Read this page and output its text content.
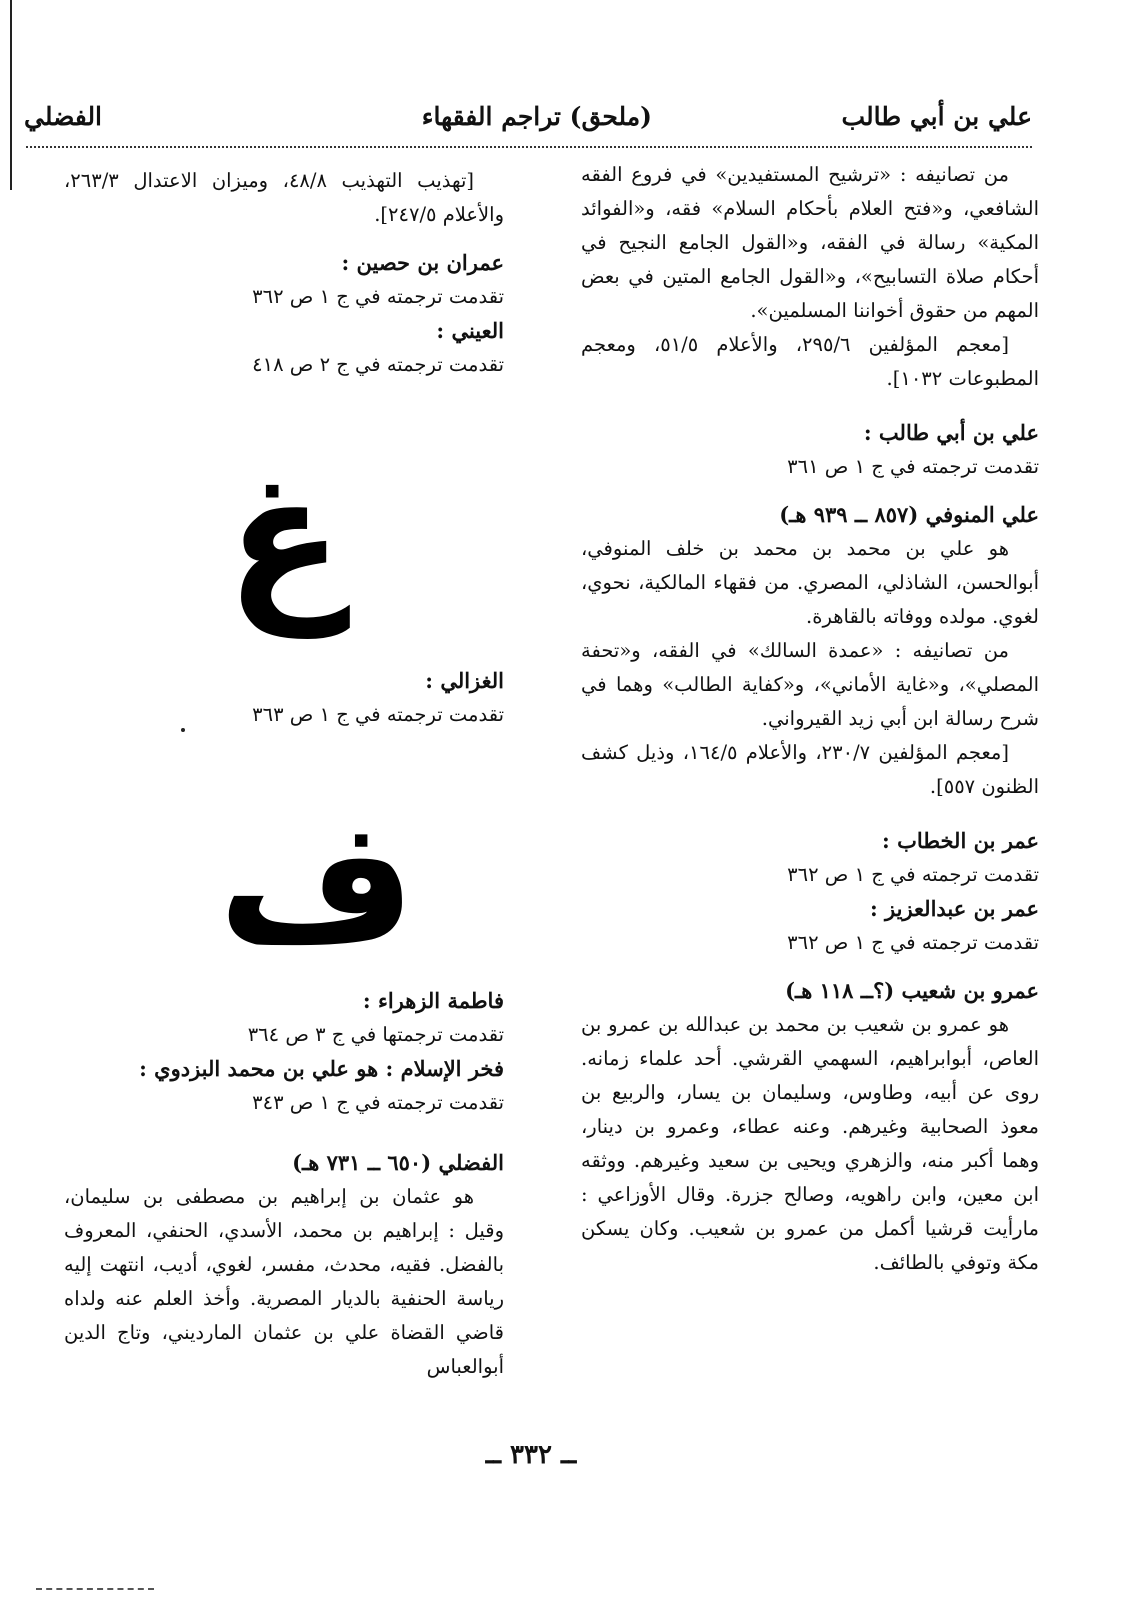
علي بن أبي طالب
(ملحق) تراجم الفقهاء
الفضلي

من تصانيفه : «ترشيح المستفيدين» في فروع الفقه الشافعي، و«فتح العلام بأحكام السلام» فقه، و«الفوائد المكية» رسالة في الفقه، و«القول الجامع النجيح في أحكام صلاة التسابيح»، و«القول الجامع المتين في بعض المهم من حقوق أخواننا المسلمين».

[معجم المؤلفين ٢٩٥/٦، والأعلام ٥١/٥، ومعجم المطبوعات ١٠٣٢].

علي بن أبي طالب :

تقدمت ترجمته في ج ١ ص ٣٦١

علي المنوفي (٨٥٧ ــ ٩٣٩ هـ)

هو علي بن محمد بن محمد بن خلف المنوفي، أبوالحسن، الشاذلي، المصري. من فقهاء المالكية، نحوي، لغوي. مولده ووفاته بالقاهرة.

من تصانيفه : «عمدة السالك» في الفقه، و«تحفة المصلي»، و«غاية الأماني»، و«كفاية الطالب» وهما في شرح رسالة ابن أبي زيد القيرواني.

[معجم المؤلفين ٢٣٠/٧، والأعلام ١٦٤/٥، وذيل كشف الظنون ٥٥٧].

عمر بن الخطاب :

تقدمت ترجمته في ج ١ ص ٣٦٢

عمر بن عبدالعزيز :

تقدمت ترجمته في ج ١ ص ٣٦٢

عمرو بن شعيب (؟ــ ١١٨ هـ)

هو عمرو بن شعيب بن محمد بن عبدالله بن عمرو بن العاص، أبوابراهيم، السهمي القرشي. أحد علماء زمانه. روى عن أبيه، وطاوس، وسليمان بن يسار، والربيع بن معوذ الصحابية وغيرهم. وعنه عطاء، وعمرو بن دينار، وهما أكبر منه، والزهري ويحيى بن سعيد وغيرهم. ووثقه ابن معين، وابن راهويه، وصالح جزرة. وقال الأوزاعي : مارأيت قرشيا أكمل من عمرو بن شعيب. وكان يسكن مكة وتوفي بالطائف.

[تهذيب التهذيب ٤٨/٨، وميزان الاعتدال ٢٦٣/٣، والأعلام ٢٤٧/٥].

عمران بن حصين :

تقدمت ترجمته في ج ١ ص ٣٦٢

العيني :

تقدمت ترجمته في ج ٢ ص ٤١٨

غ

الغزالي :

تقدمت ترجمته في ج ١ ص ٣٦٣

ف

فاطمة الزهراء :

تقدمت ترجمتها في ج ٣ ص ٣٦٤

فخر الإسلام : هو علي بن محمد البزدوي :

تقدمت ترجمته في ج ١ ص ٣٤٣

الفضلي (٦٥٠ ــ ٧٣١ هـ)

هو عثمان بن إبراهيم بن مصطفى بن سليمان، وقيل : إبراهيم بن محمد، الأسدي، الحنفي، المعروف بالفضل. فقيه، محدث، مفسر، لغوي، أديب، انتهت إليه رياسة الحنفية بالديار المصرية. وأخذ العلم عنه ولداه قاضي القضاة علي بن عثمان المارديني، وتاج الدين أبوالعباس

ــ ٣٣٢ ــ
